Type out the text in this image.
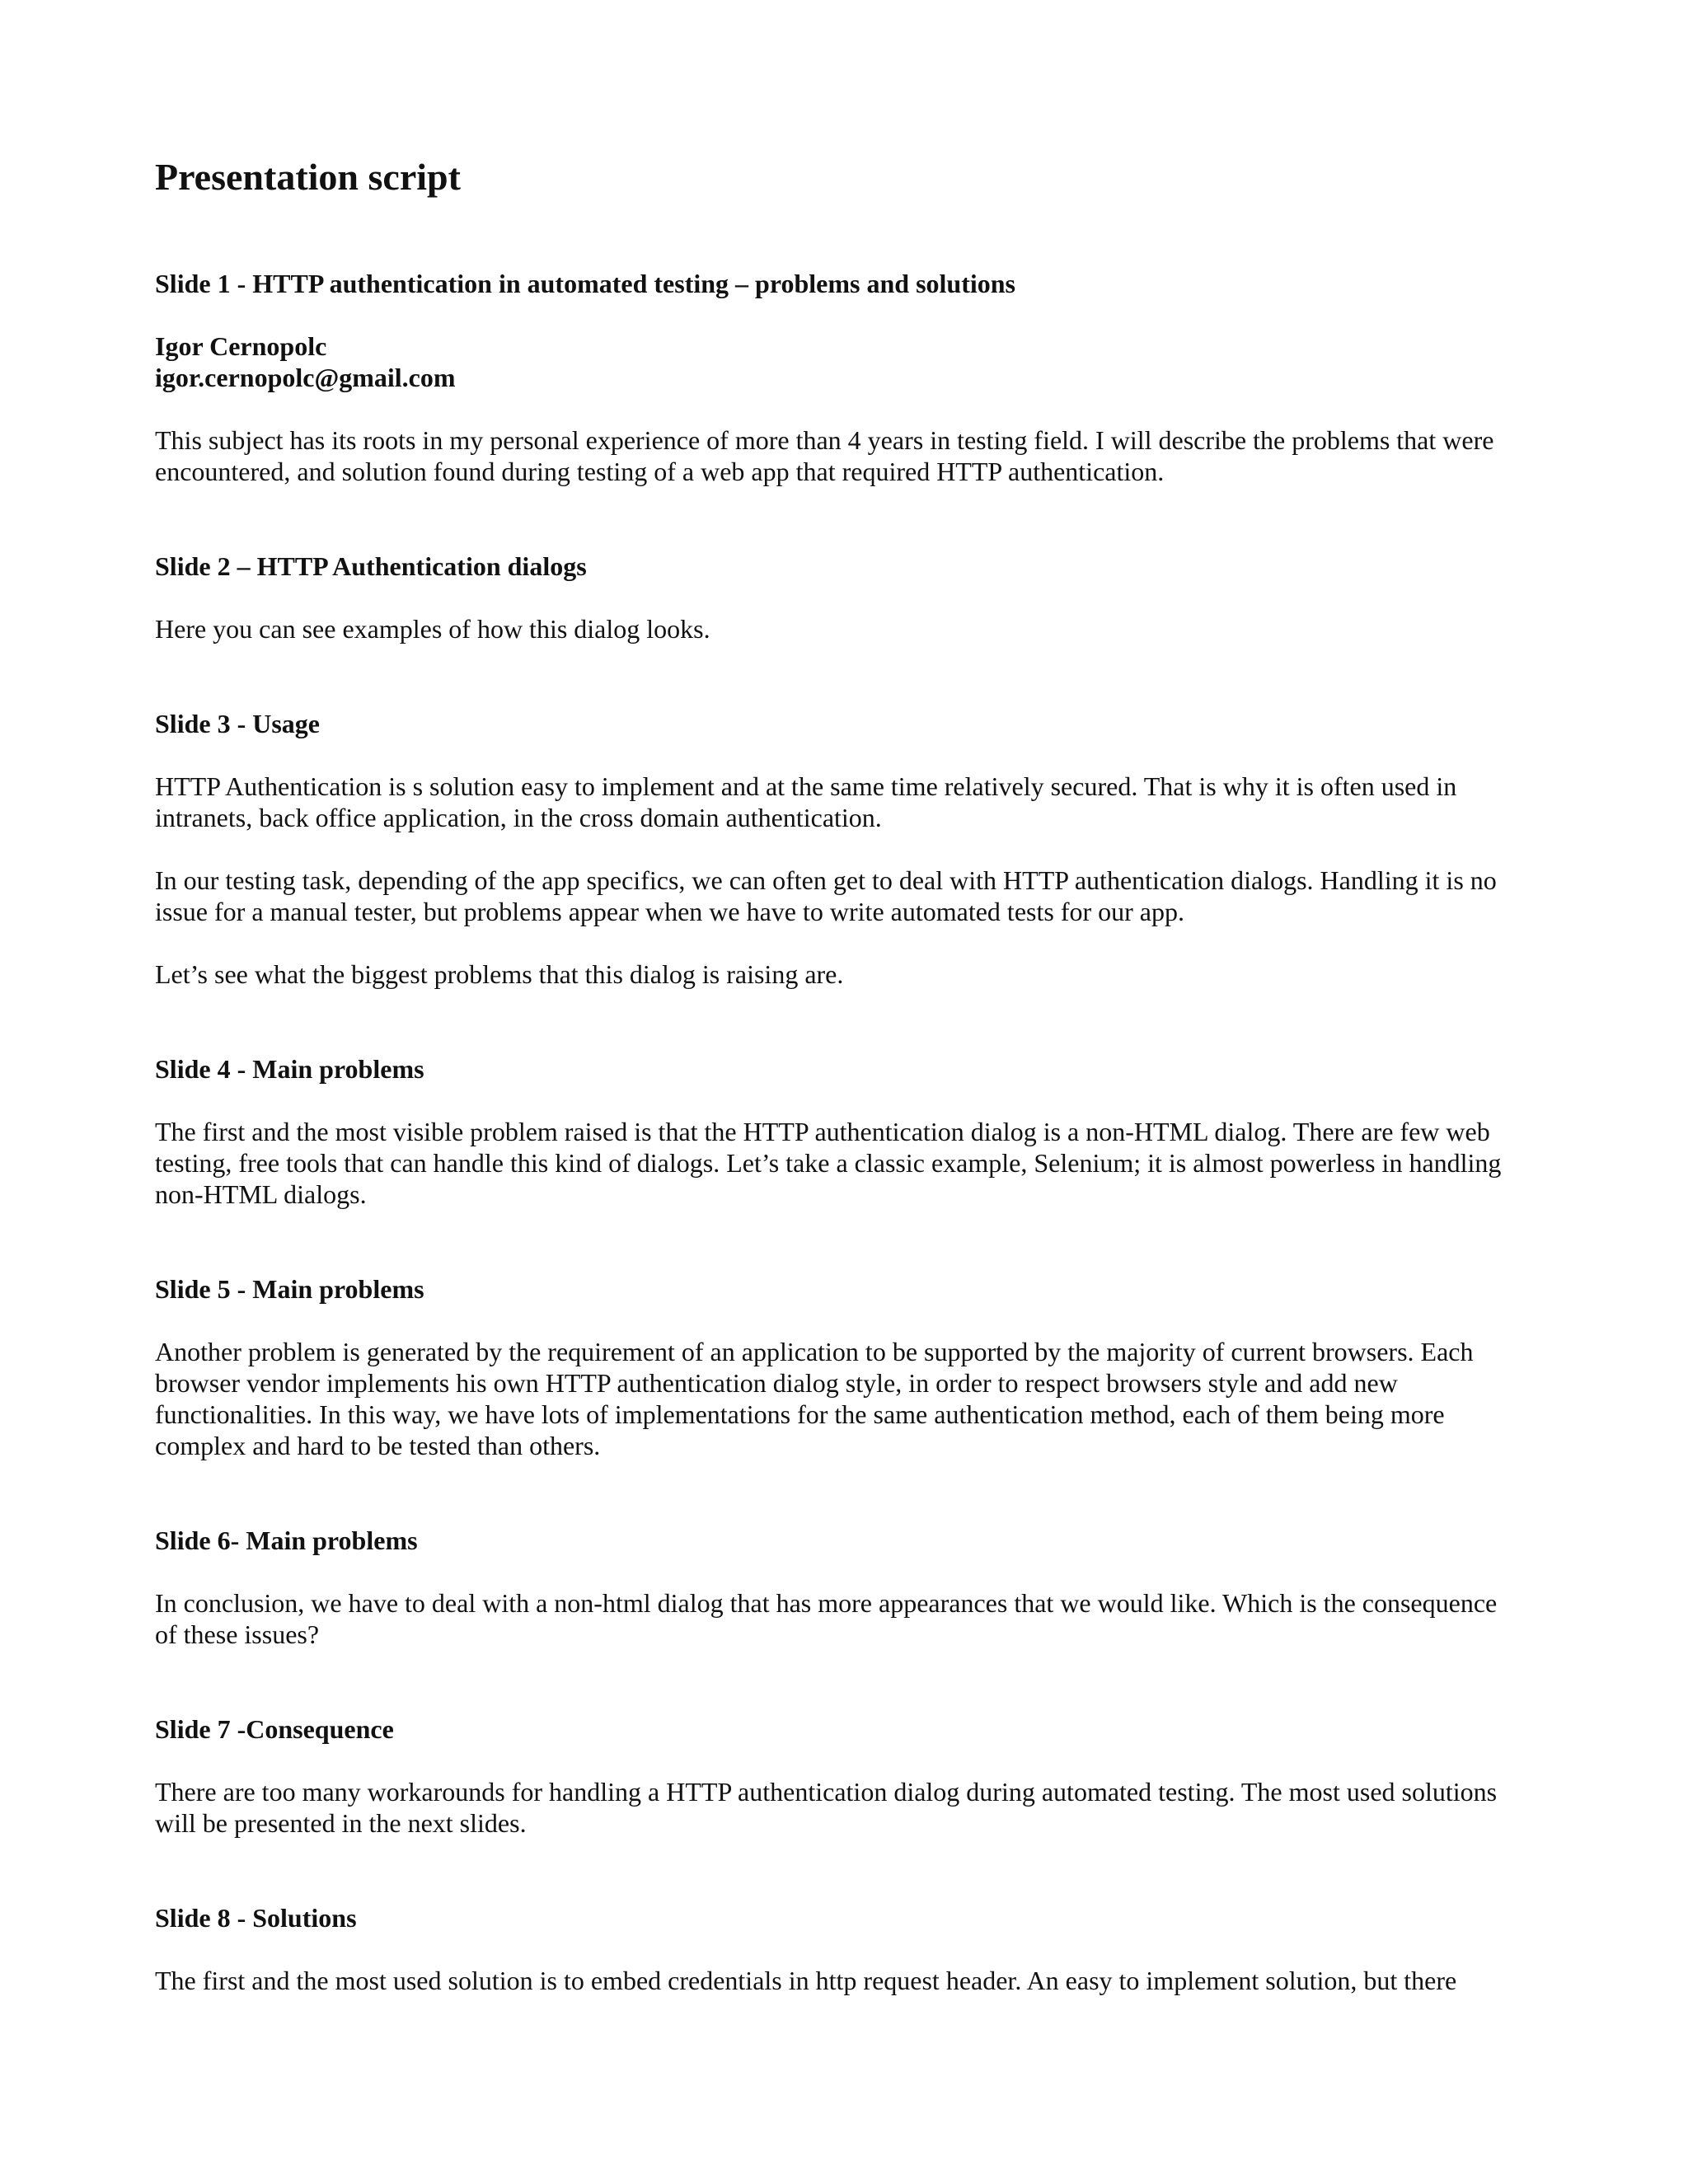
Presentation script

Slide 1 - HTTP authentication in automated testing – problems and solutions

Igor Cernopolc
igor.cernopolc@gmail.com

This subject has its roots in my personal experience of more than 4 years in testing field. I will describe the problems that were encountered, and solution found during testing of a web app that required HTTP authentication.

Slide 2 – HTTP Authentication dialogs

Here you can see examples of how this dialog looks.

Slide 3 - Usage

HTTP Authentication is s solution easy to implement and at the same time relatively secured. That is why it is often used in intranets, back office application, in the cross domain authentication.

In our testing task, depending of the app specifics, we can often get to deal with HTTP authentication dialogs. Handling it is no issue for a manual tester, but problems appear when we have to write automated tests for our app.

Let’s see what the biggest problems that this dialog is raising are.

Slide 4 - Main problems

The first and the most visible problem raised is that the HTTP authentication dialog is a non-HTML dialog. There are few web testing, free tools that can handle this kind of dialogs. Let’s take a classic example, Selenium; it is almost powerless in handling non-HTML dialogs.

Slide 5 - Main problems

Another problem is generated by the requirement of an application to be supported by the majority of current browsers. Each browser vendor implements his own HTTP authentication dialog style, in order to respect browsers style and add new functionalities. In this way, we have lots of implementations for the same authentication method, each of them being more complex and hard to be tested than others.

Slide 6- Main problems

In conclusion, we have to deal with a non-html dialog that has more appearances that we would like. Which is the consequence of these issues?

Slide 7 -Consequence

There are too many workarounds for handling a HTTP authentication dialog during automated testing. The most used solutions will be presented in the next slides.

Slide 8 - Solutions

The first and the most used solution is to embed credentials in http request header. An easy to implement solution, but there
